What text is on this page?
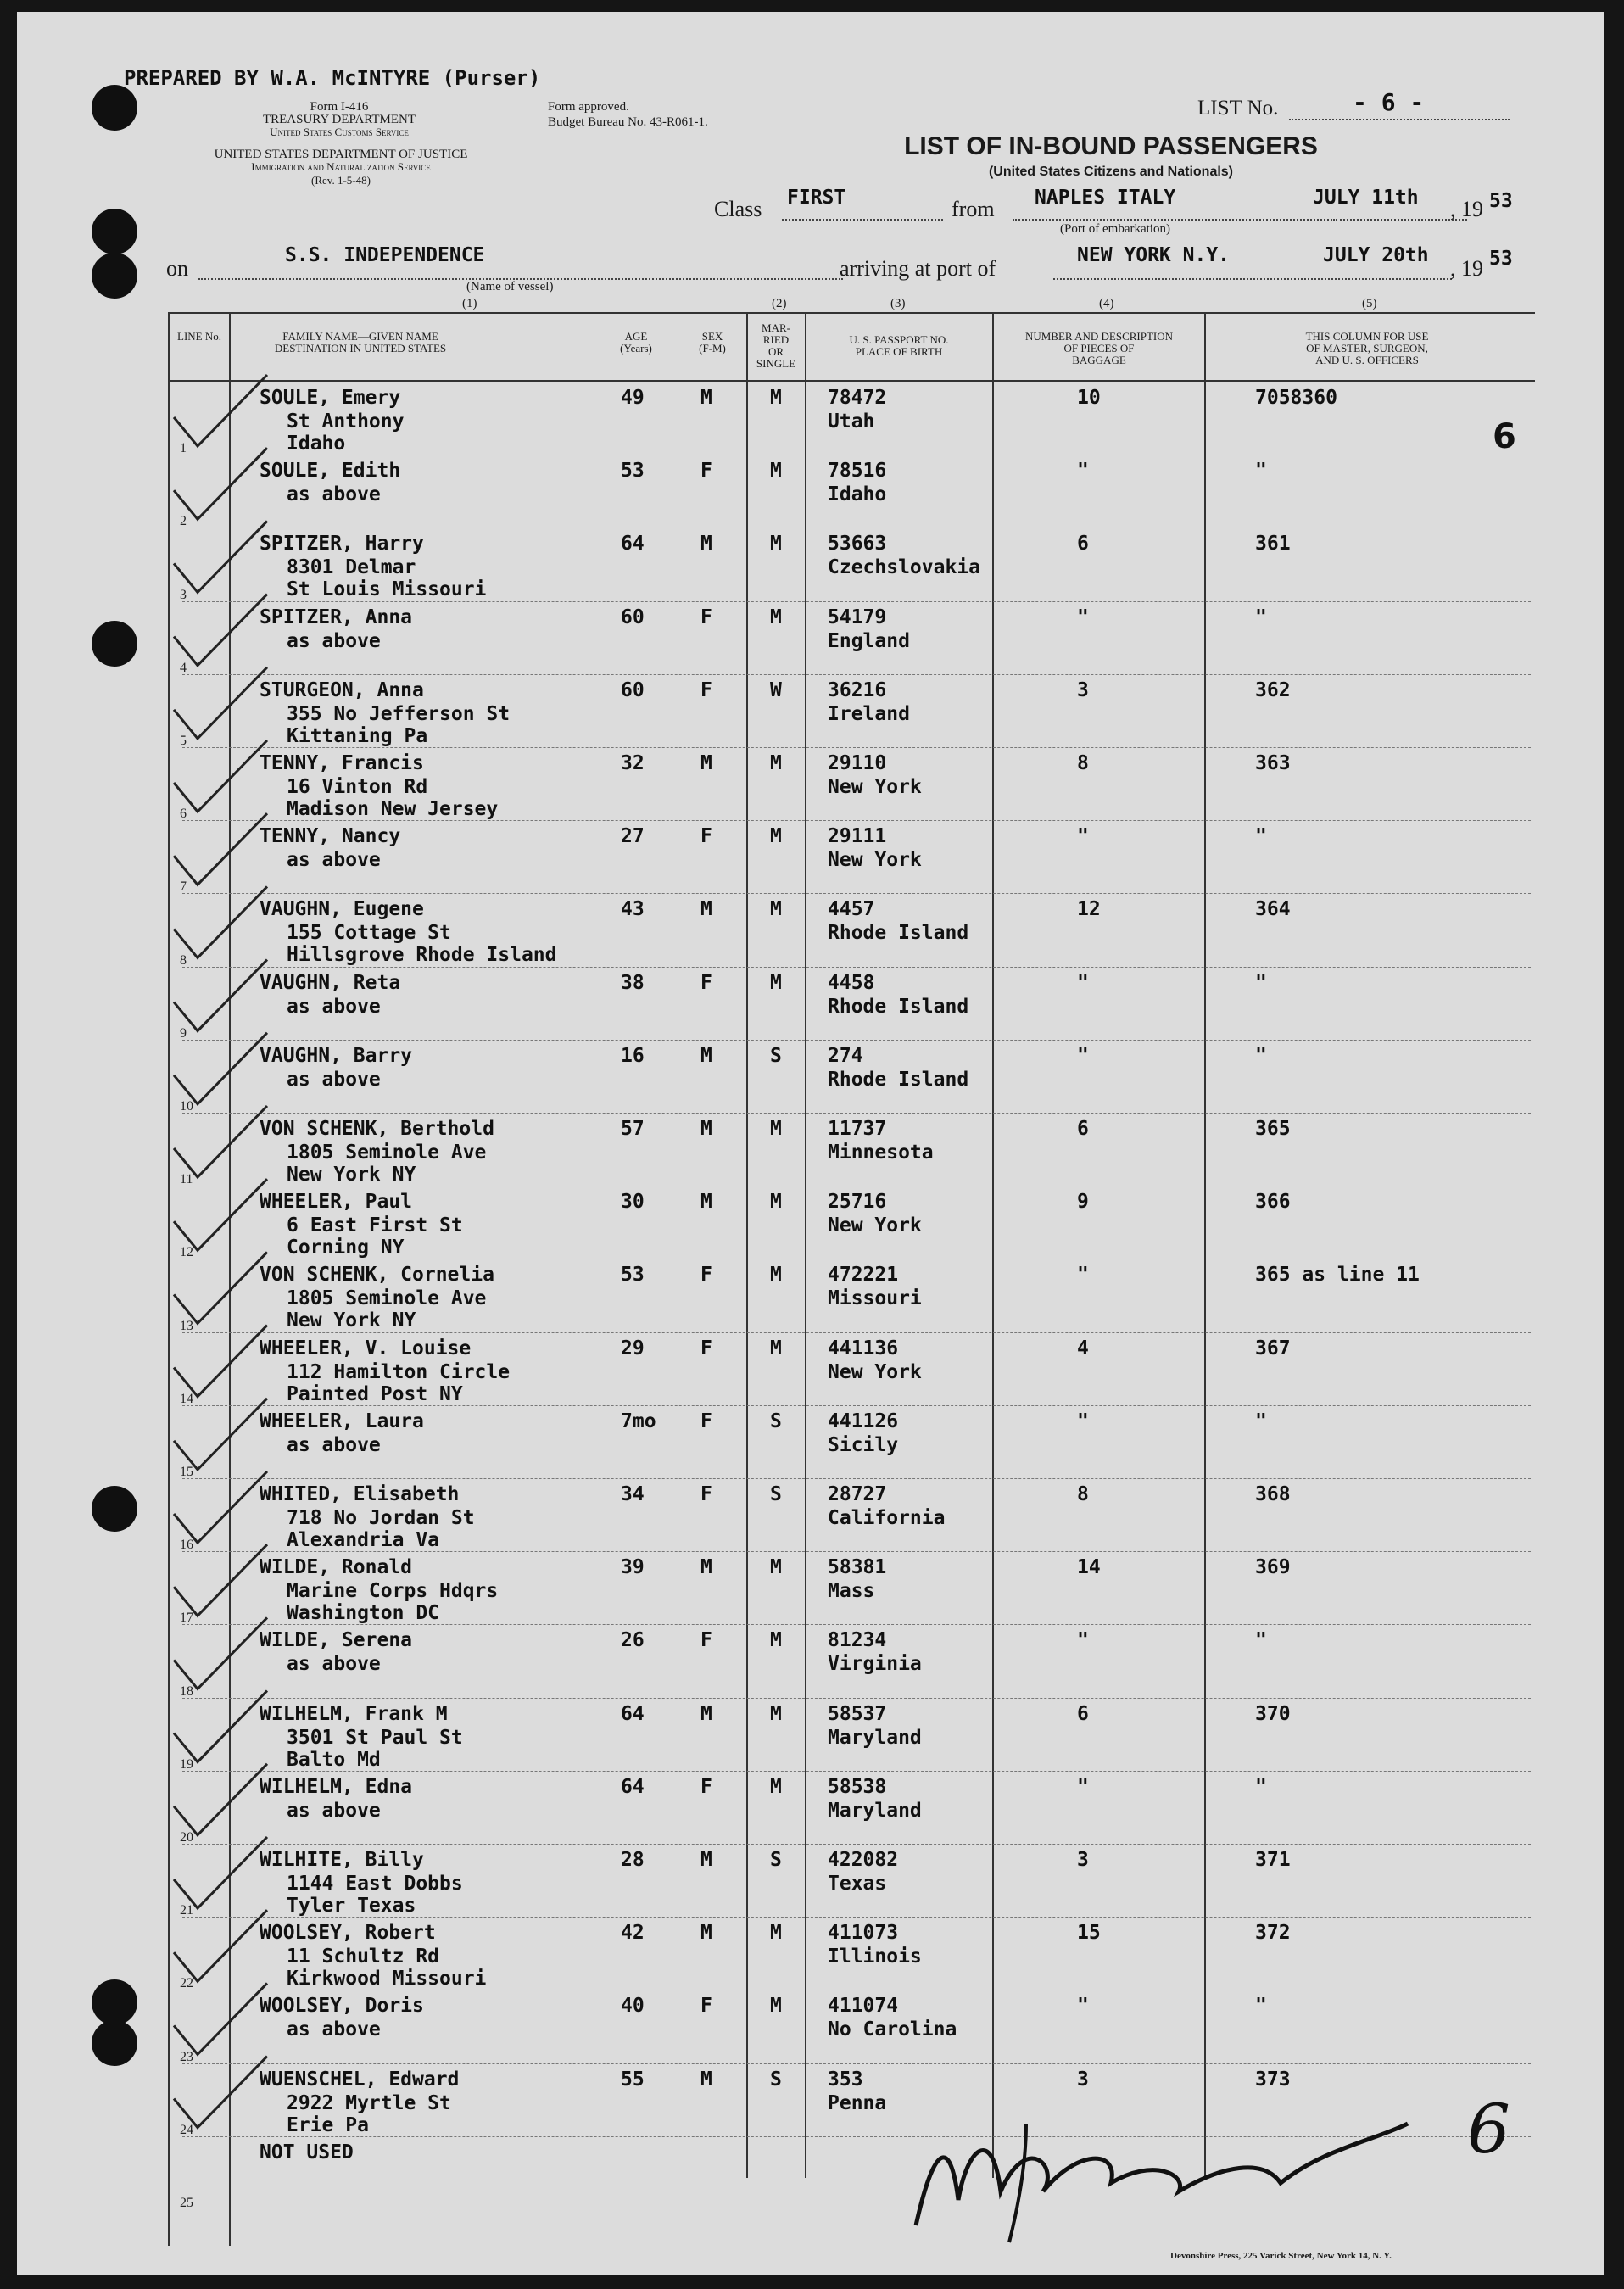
PREPARED BY W.A. McINTYRE (Purser)
Form I-416
TREASURY DEPARTMENT
United States Customs Service
UNITED STATES DEPARTMENT OF JUSTICE
Immigration and Naturalization Service
(Rev. 1-5-48)
Form approved.
Budget Bureau No. 43-R061-1.
LIST No.	- 6 -
LIST OF IN-BOUND PASSENGERS
(United States Citizens and Nationals)
Class FIRST	from NAPLES ITALY
(Port of embarkation)
JULY 11th , 19 53
on
S.S. INDEPENDENCE
(Name of vessel)
arriving at port of
NEW YORK N.Y.	JULY 20th
, 19 53
(1)	(2)	(3)	(4)	(5)
LINE No.	FAMILY NAME—GIVEN NAME
DESTINATION IN UNITED STATES
AGE
(Years)
SEX
(F-M)
MAR-
RIED
OR
SINGLE
U. S. PASSPORT NO.
PLACE OF BIRTH
NUMBER AND DESCRIPTION
OF PIECES OF
BAGGAGE
THIS COLUMN FOR USE
OF MASTER, SURGEON,
AND U. S. OFFICERS
1
SOULE, Emery
St Anthony
Idaho
49	M	M 78472
Utah
10	7058360
2
SOULE, Edith
as above
53	F	M 78516
Idaho
"	"
3
SPITZER, Harry
8301 Delmar
St Louis Missouri
64	M	M 53663
Czechslovakia
6	361
4
SPITZER, Anna
as above
60	F	M 54179
England
"	"
5
STURGEON, Anna
355 No Jefferson St
Kittaning Pa
60	F	W 36216
Ireland
3	362
6
TENNY, Francis
16 Vinton Rd
Madison New Jersey
32	M	M 29110
New York
8	363
7
TENNY, Nancy
as above
27	F	M 29111
New York
"	"
8
VAUGHN, Eugene
155 Cottage St
Hillsgrove Rhode Island
43	M	M 4457
Rhode Island
12	364
9
VAUGHN, Reta
as above
38	F	M 4458
Rhode Island
"	"
10
VAUGHN, Barry
as above
16	M	S 274
Rhode Island
"	"
11
VON SCHENK, Berthold
1805 Seminole Ave
New York NY
57	M	M 11737
Minnesota
6	365
12
WHEELER, Paul
6 East First St
Corning NY
30	M	M 25716
New York
9	366
13
VON SCHENK, Cornelia
1805 Seminole Ave
New York NY
53	F	M 472221
Missouri
"	365 as line 11
14
WHEELER, V. Louise
112 Hamilton Circle
Painted Post NY
29	F	M 441136
New York
4	367
15
WHEELER, Laura
as above
7mo F	S 441126
Sicily
"	"
16
WHITED, Elisabeth
718 No Jordan St
Alexandria Va
34	F	S 28727
California
8	368
17
WILDE, Ronald
Marine Corps Hdqrs
Washington DC
39	M	M 58381
Mass
14	369
18
WILDE, Serena
as above
26	F	M 81234
Virginia
"	"
19
WILHELM, Frank M
3501 St Paul St
Balto Md
64	M	M 58537
Maryland
6	370
20
WILHELM, Edna
as above
64	F	M 58538
Maryland
"	"
21
WILHITE, Billy
1144 East Dobbs
Tyler Texas
28	M	S 422082
Texas
3	371
22
WOOLSEY, Robert
11 Schultz Rd
Kirkwood Missouri
42	M	M 411073
Illinois
15	372
23
WOOLSEY, Doris
as above
40	F	M 411074
No Carolina
"	"
24
WUENSCHEL, Edward
2922 Myrtle St
Erie Pa
55	M	S 353
Penna
3	373
25
NOT USED
6
6
Devonshire Press, 225 Varick Street, New York 14, N. Y.
